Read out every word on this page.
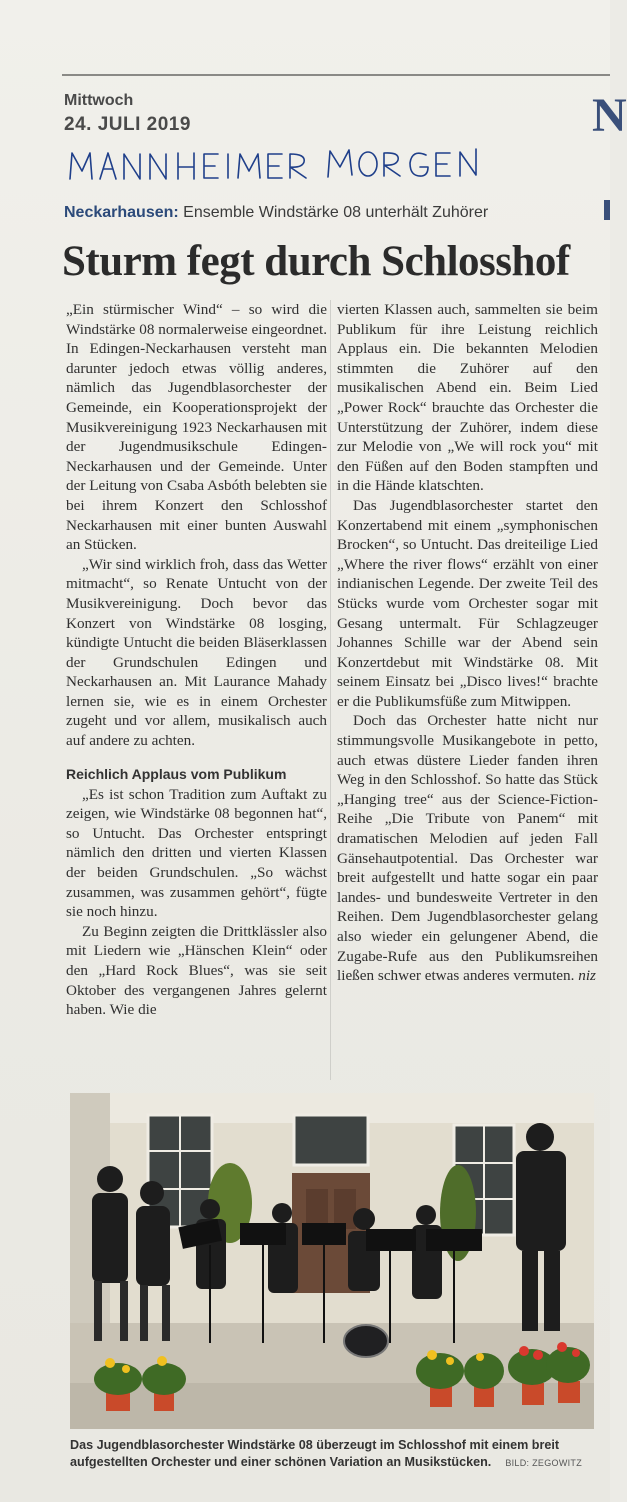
Mittwoch
24. JULI 2019	N
Neckarhausen: Ensemble Windstärke 08 unterhält Zuhörer
Sturm fegt durch Schlosshof

„Ein stürmischer Wind“ – so wird die Windstärke 08 normalerweise eingeordnet. In Edingen-Neckarhausen versteht man darunter jedoch etwas völlig anderes, nämlich das Jugendblasorchester der Gemeinde, ein Kooperationsprojekt der Musikvereinigung 1923 Neckarhausen mit der Jugendmusikschule Edingen-Neckarhausen und der Gemeinde. Unter der Leitung von Csaba Asbóth belebten sie bei ihrem Konzert den Schlosshof Neckarhausen mit einer bunten Auswahl an Stücken.

„Wir sind wirklich froh, dass das Wetter mitmacht“, so Renate Untucht von der Musikvereinigung. Doch bevor das Konzert von Windstärke 08 losging, kündigte Untucht die beiden Bläserklassen der Grundschulen Edingen und Neckarhausen an. Mit Laurance Mahady lernen sie, wie es in einem Orchester zugeht und vor allem, musikalisch auch auf andere zu achten.

Reichlich Applaus vom Publikum

„Es ist schon Tradition zum Auftakt zu zeigen, wie Windstärke 08 begonnen hat“, so Untucht. Das Orchester entspringt nämlich den dritten und vierten Klassen der beiden Grundschulen. „So wächst zusammen, was zusammen gehört“, fügte sie noch hinzu.

Zu Beginn zeigten die Drittklässler also mit Liedern wie „Hänschen Klein“ oder den „Hard Rock Blues“, was sie seit Oktober des vergangenen Jahres gelernt haben. Wie die

vierten Klassen auch, sammelten sie beim Publikum für ihre Leistung reichlich Applaus ein. Die bekannten Melodien stimmten die Zuhörer auf den musikalischen Abend ein. Beim Lied „Power Rock“ brauchte das Orchester die Unterstützung der Zuhörer, indem diese zur Melodie von „We will rock you“ mit den Füßen auf den Boden stampften und in die Hände klatschten.

Das Jugendblasorchester startet den Konzertabend mit einem „symphonischen Brocken“, so Untucht. Das dreiteilige Lied „Where the river flows“ erzählt von einer indianischen Legende. Der zweite Teil des Stücks wurde vom Orchester sogar mit Gesang untermalt. Für Schlagzeuger Johannes Schille war der Abend sein Konzertdebut mit Windstärke 08. Mit seinem Einsatz bei „Disco lives!“ brachte er die Publikumsfüße zum Mitwippen.

Doch das Orchester hatte nicht nur stimmungsvolle Musikangebote in petto, auch etwas düstere Lieder fanden ihren Weg in den Schlosshof. So hatte das Stück „Hanging tree“ aus der Science-Fiction-Reihe „Die Tribute von Panem“ mit dramatischen Melodien auf jeden Fall Gänsehautpotential. Das Orchester war breit aufgestellt und hatte sogar ein paar landes- und bundesweite Vertreter in den Reihen. Dem Jugendblasorchester gelang also wieder ein gelungener Abend, die Zugabe-Rufe aus den Publikumsreihen ließen schwer etwas anderes vermuten. niz

Das Jugendblasorchester Windstärke 08 überzeugt im Schlosshof mit einem breit aufgestellten Orchester und einer schönen Variation an Musikstücken. BILD: ZEGOWITZ
